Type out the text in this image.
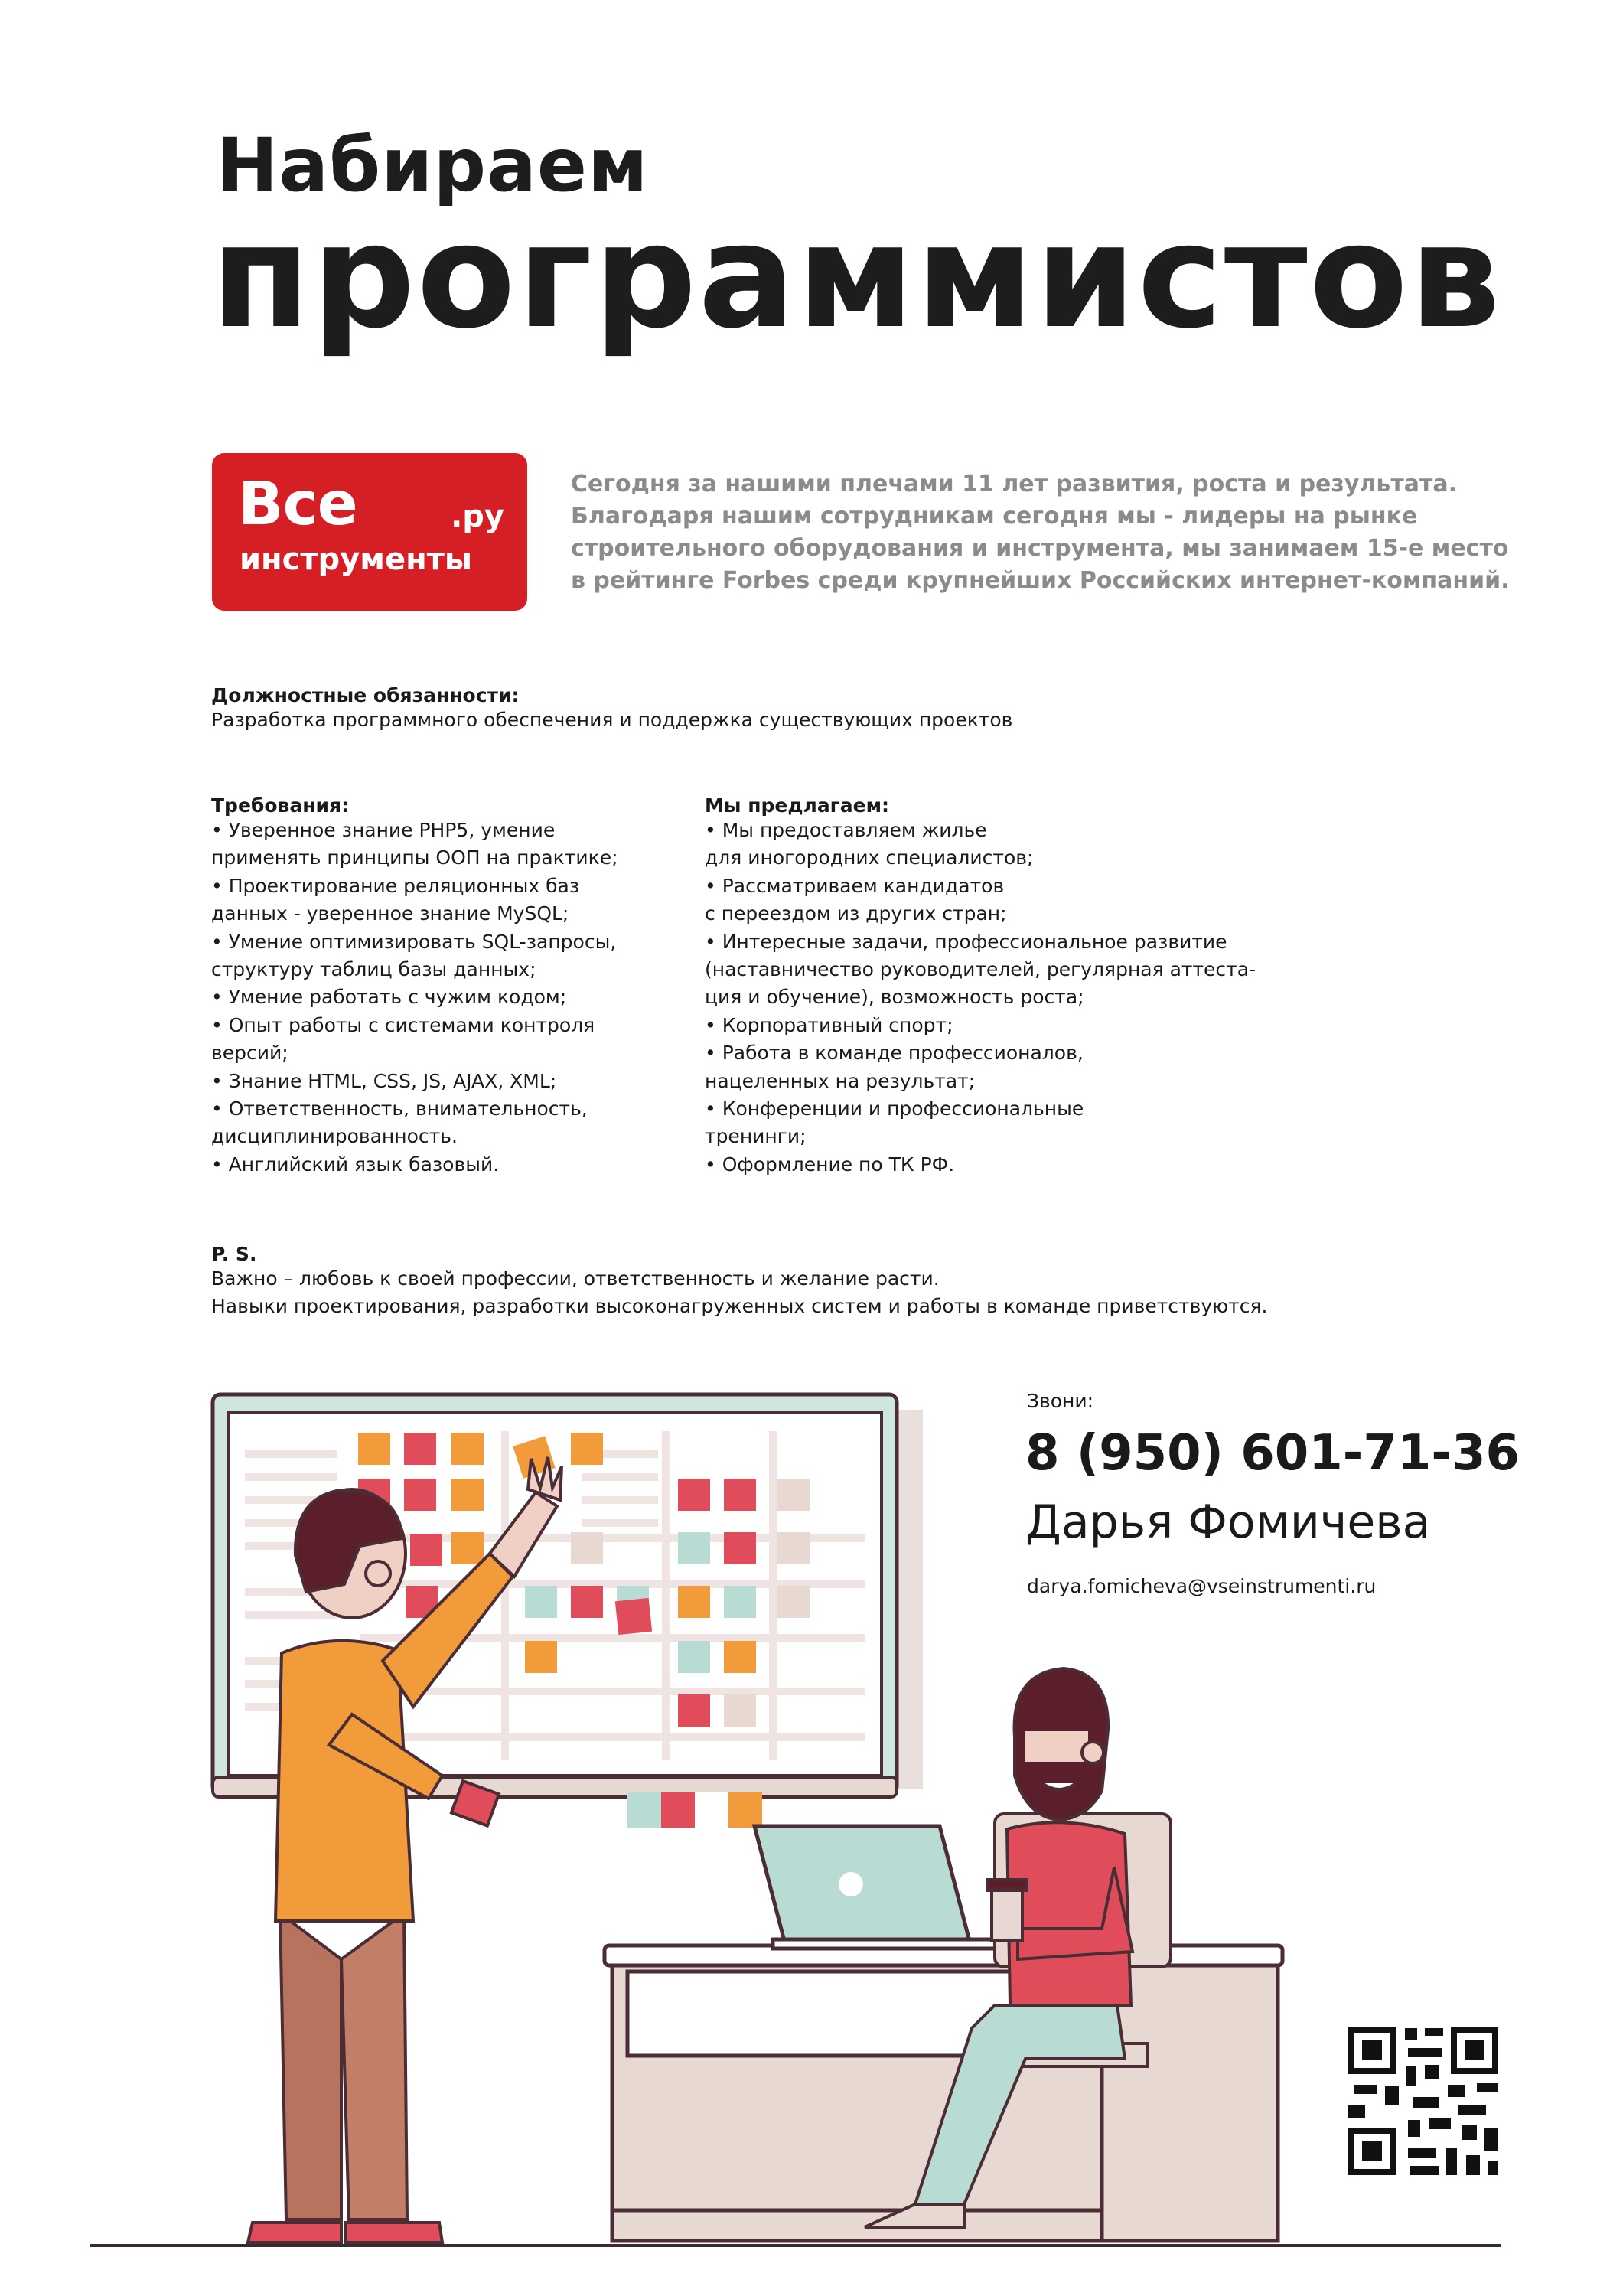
Набираем
программистов
Все	.ру
инструменты
Сегодня за нашими плечами 11 лет развития, роста и результата.
Благодаря нашим сотрудникам сегодня мы - лидеры на рынке
строительного оборудования и инструмента, мы занимаем 15-е место
в рейтинге Forbes среди крупнейших Российских интернет-компаний.
Должностные обязанности:
Разработка программного обеспечения и поддержка существующих проектов
Требования:
• Уверенное знание PHP5, умение
применять принципы ООП на практике;
• Проектирование реляционных баз
данных - уверенное знание MySQL;
• Умение оптимизировать SQL-запросы,
структуру таблиц базы данных;
• Умение работать с чужим кодом;
• Опыт работы с системами контроля
версий;
• Знание HTML, CSS, JS, AJAX, XML;
• Ответственность, внимательность,
дисциплинированность.
• Английский язык базовый.
Мы предлагаем:
• Мы предоставляем жилье
для иногородних специалистов;
• Рассматриваем кандидатов
с переездом из других стран;
• Интересные задачи, профессиональное развитие
(наставничество руководителей, регулярная аттеста-
ция и обучение), возможность роста;
• Корпоративный спорт;
• Работа в команде профессионалов,
нацеленных на результат;
• Конференции и профессиональные
тренинги;
• Оформление по ТК РФ.
P. S.
Важно – любовь к своей профессии, ответственность и желание расти.
Навыки проектирования, разработки высоконагруженных систем и работы в команде приветствуются.
Звони:
8 (950) 601-71-36
Дарья Фомичева
darya.fomicheva@vseinstrumenti.ru
